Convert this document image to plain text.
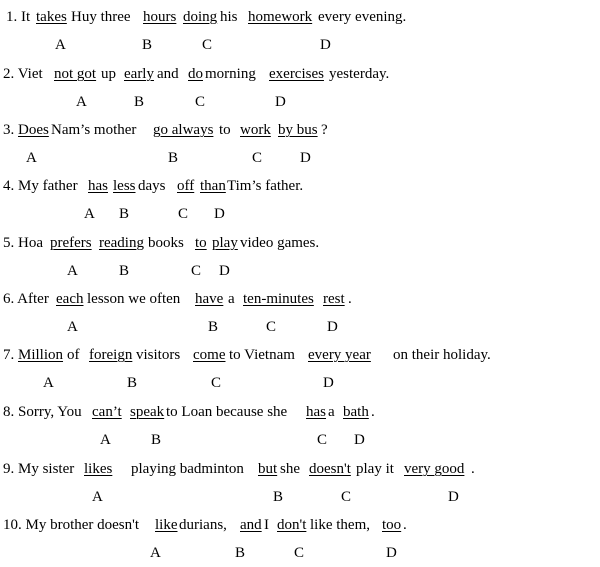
1. It takes Huy three hours doing his homework every evening.
A	B	C	D
2. Viet not got up early and do morning exercises yesterday.
A	B	C	D
3. Does Nam’s mother go always to work by bus ?
A	B	C	D
4. My father has less days off than Tim’s father.
A B	C D
5. Hoa prefers reading books to play video games.
A	B	C D
6. After each lesson we often have a ten-minutes rest .
A	B	C	D
7. Million of foreign visitors come to Vietnam every year on their holiday.
A	B	C	D
8. Sorry, You can’t speak to Loan because she has a bath .
A	B	C D
9. My sister likes playing badminton but she doesn't play it very good .
A	B	C	D
10. My brother doesn't like durians, and I don't like them, too .
A	B	C	D
